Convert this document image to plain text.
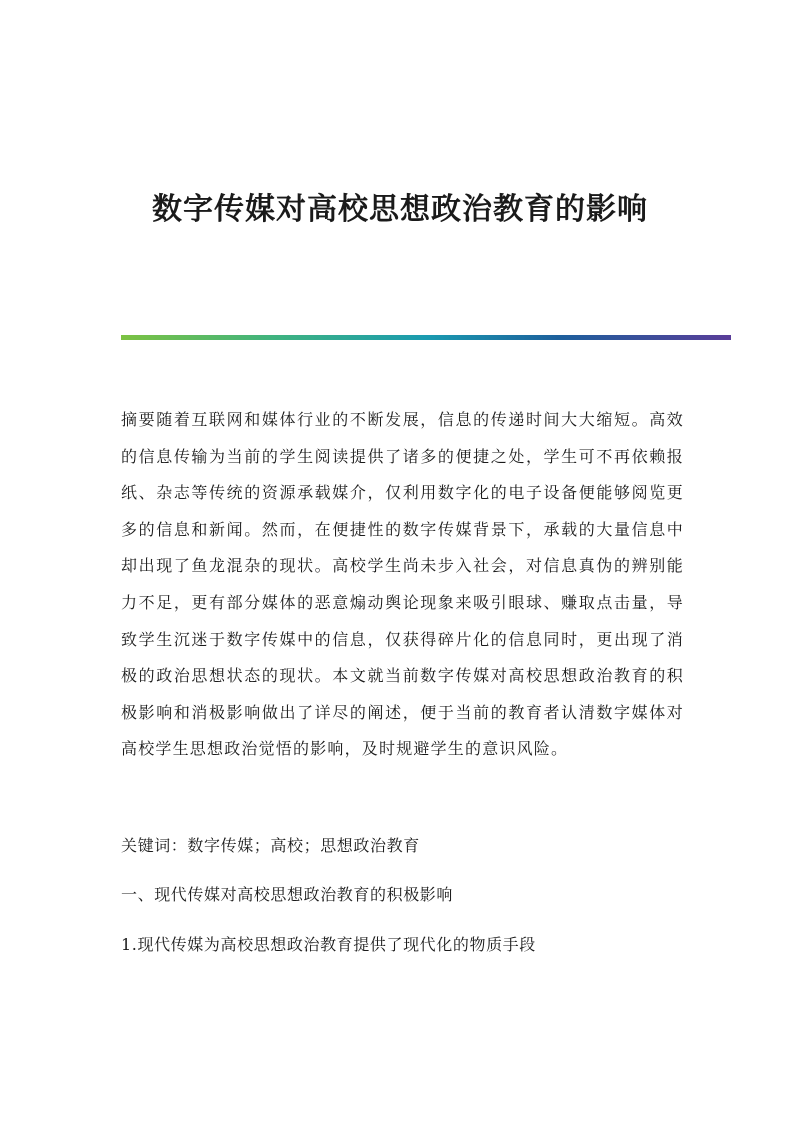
数字传媒对高校思想政治教育的影响

摘要随着互联网和媒体行业的不断发展，信息的传递时间大大缩短。高效的信息传输为当前的学生阅读提供了诸多的便捷之处，学生可不再依赖报纸、杂志等传统的资源承载媒介，仅利用数字化的电子设备便能够阅览更多的信息和新闻。然而，在便捷性的数字传媒背景下，承载的大量信息中却出现了鱼龙混杂的现状。高校学生尚未步入社会，对信息真伪的辨别能力不足，更有部分媒体的恶意煽动舆论现象来吸引眼球、赚取点击量，导致学生沉迷于数字传媒中的信息，仅获得碎片化的信息同时，更出现了消极的政治思想状态的现状。本文就当前数字传媒对高校思想政治教育的积极影响和消极影响做出了详尽的阐述，便于当前的教育者认清数字媒体对高校学生思想政治觉悟的影响，及时规避学生的意识风险。

关键词：数字传媒；高校；思想政治教育

一、现代传媒对高校思想政治教育的积极影响

1.现代传媒为高校思想政治教育提供了现代化的物质手段
